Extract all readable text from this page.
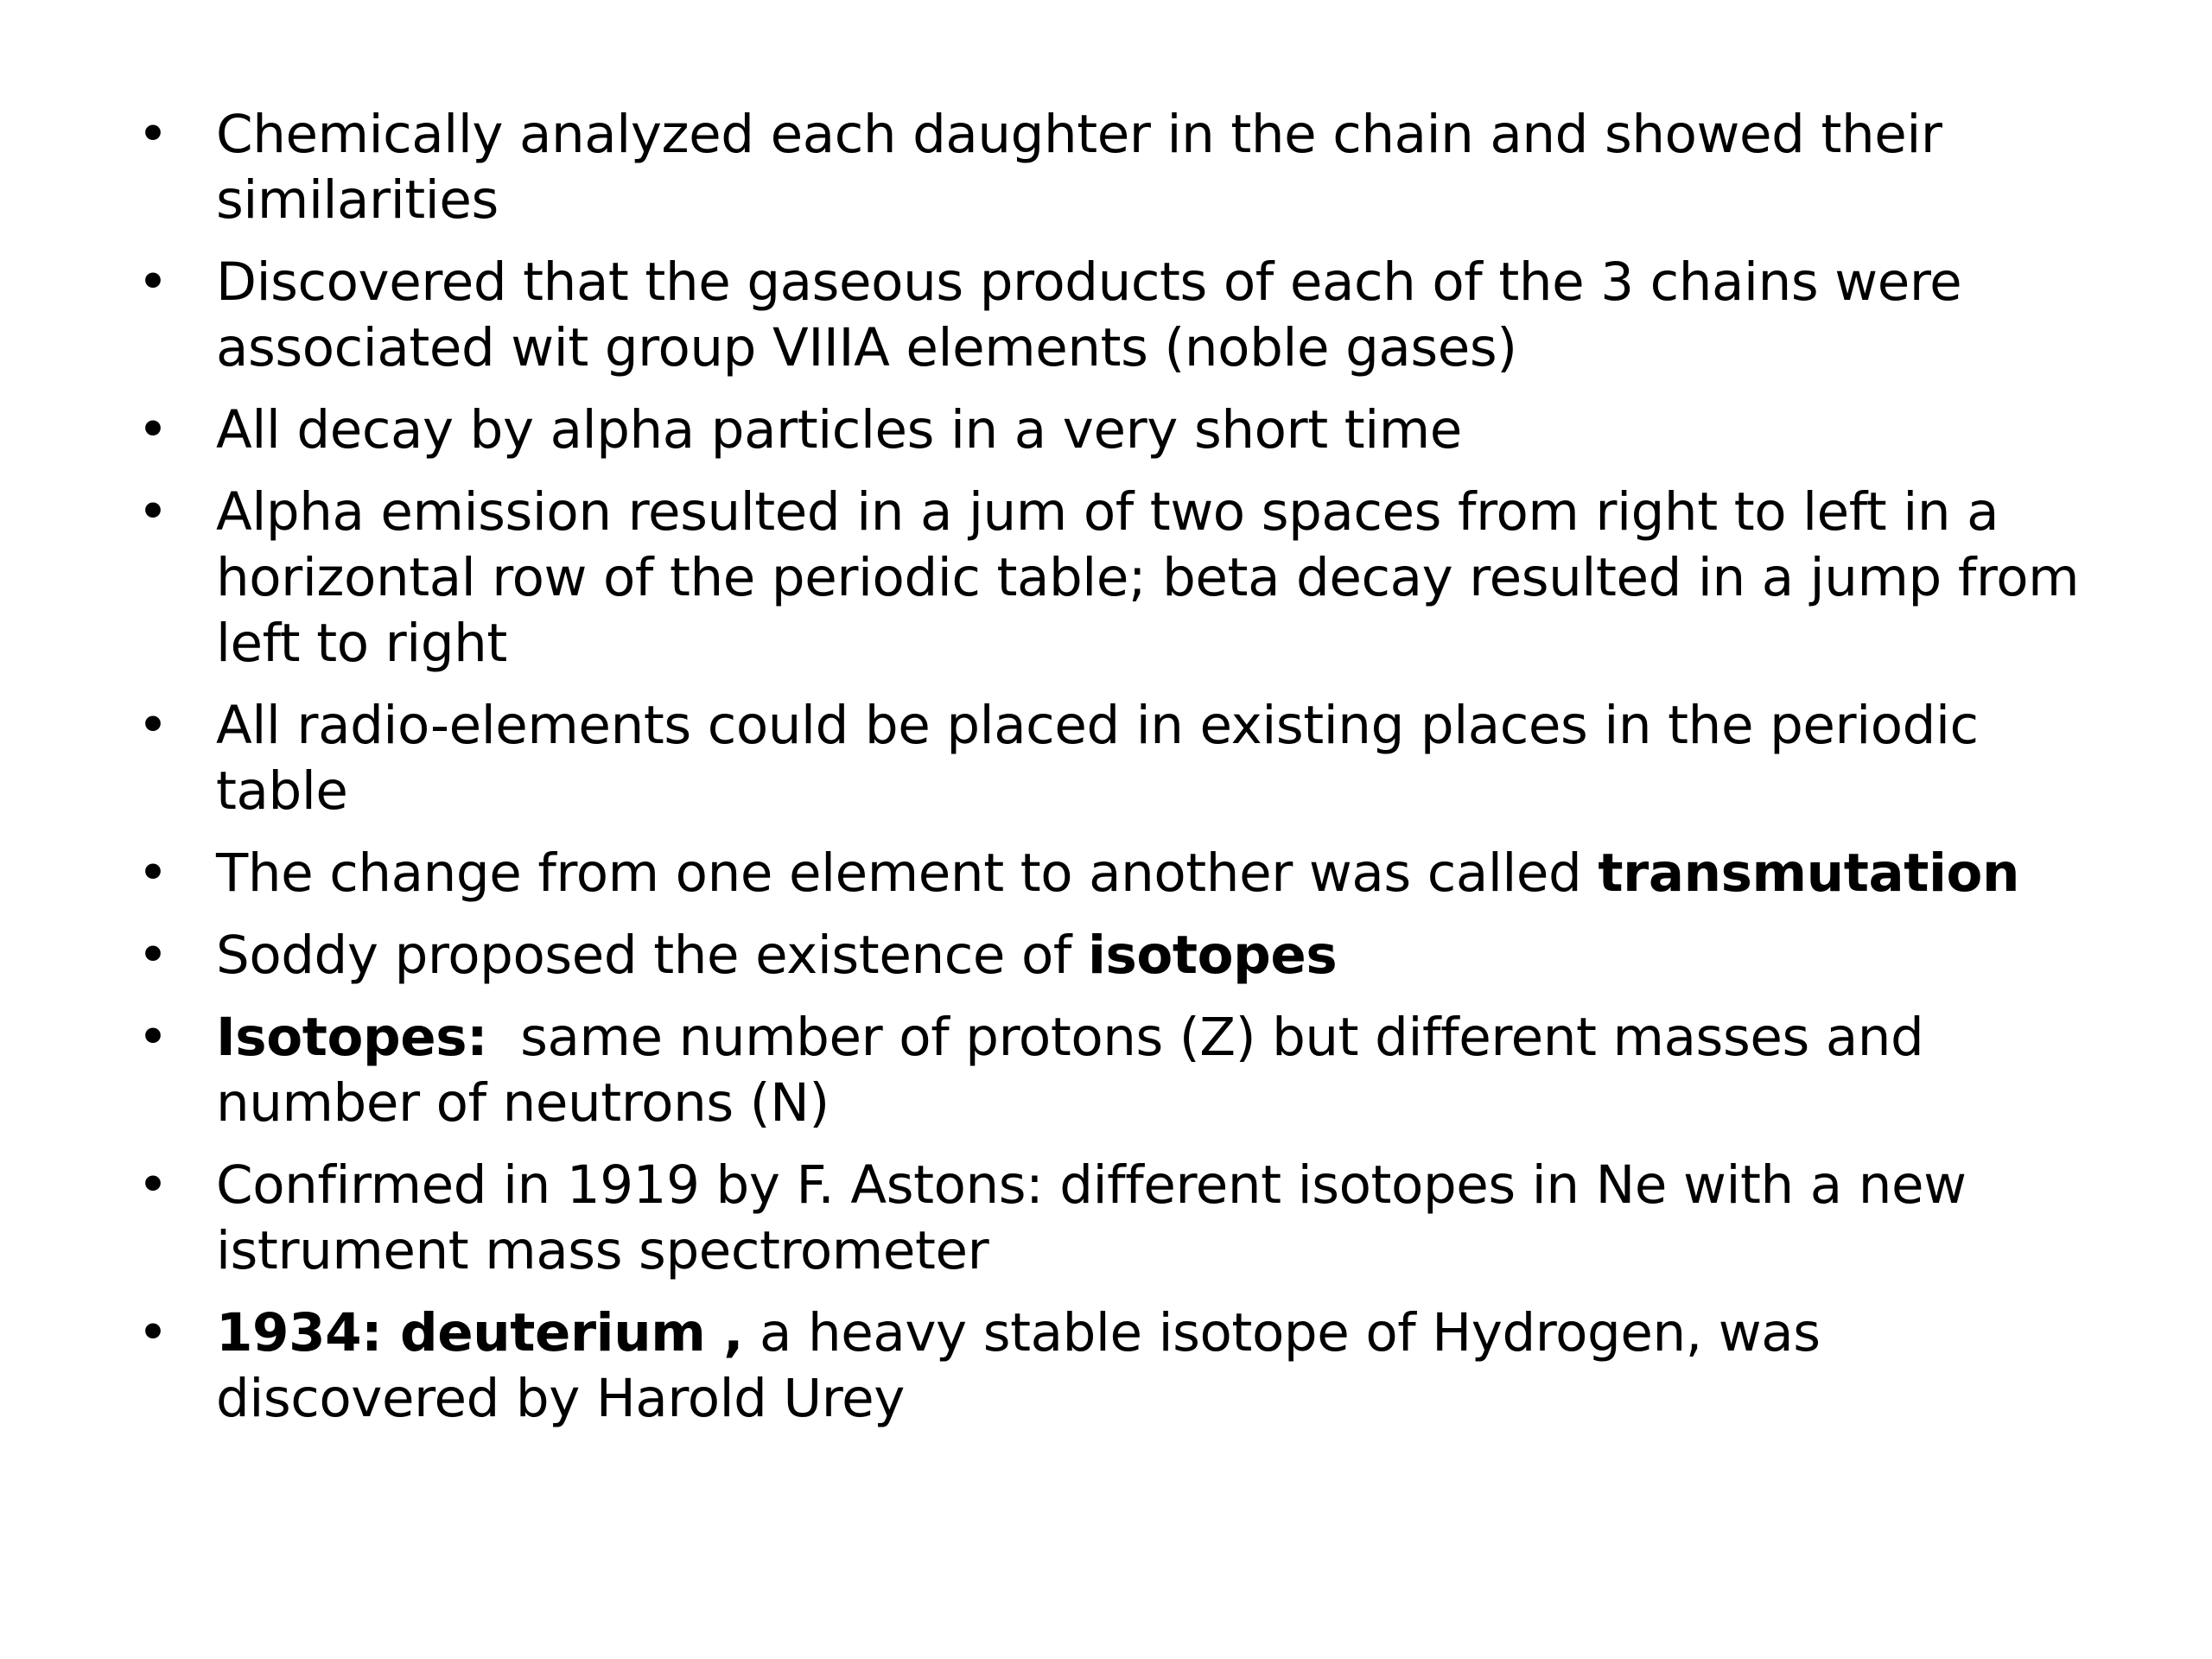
• Chemically analyzed each daughter in the chain and showed their similarities
• Discovered that the gaseous products of each of the 3 chains were associated wit group VIIIA elements (noble gases)
• All decay by alpha particles in a very short time
• Alpha emission resulted in a jum of two spaces from right to left in a horizontal row of the periodic table; beta decay resulted in a jump from left to right
• All radio-elements could be placed in existing places in the periodic table
• The change from one element to another was called transmutation
• Soddy proposed the existence of isotopes
• Isotopes:  same number of protons (Z) but different masses and number of neutrons (N)
• Confirmed in 1919 by F. Astons: different isotopes in Ne with a new istrument mass spectrometer
• 1934: deuterium , a heavy stable isotope of Hydrogen, was discovered by Harold Urey
